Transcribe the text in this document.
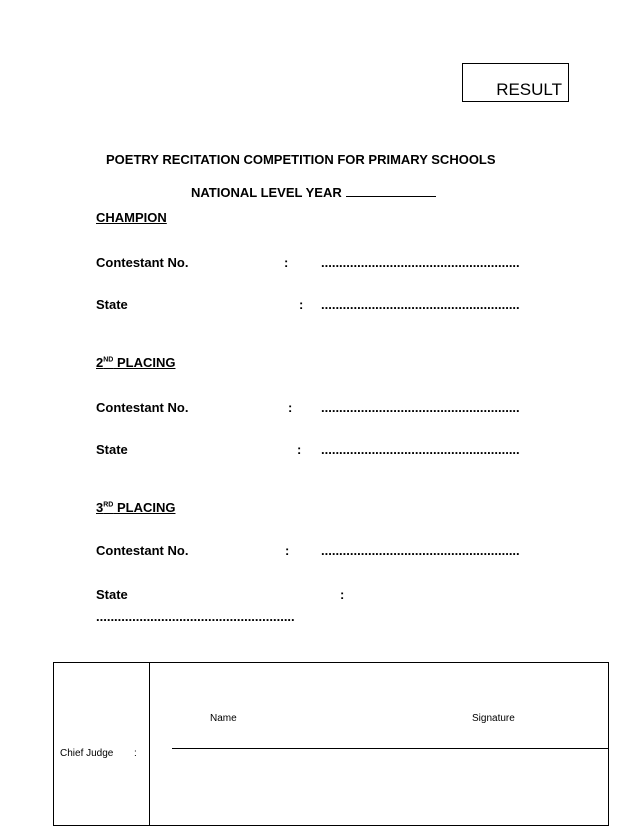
RESULT
POETRY RECITATION COMPETITION FOR PRIMARY SCHOOLS
NATIONAL LEVEL YEAR
CHAMPION
Contestant No.	:	.......................................................
State	: .......................................................
2ND PLACING
Contestant No.	: .......................................................
State	: .......................................................
3RD PLACING
Contestant No.	: .......................................................
State	:
.......................................................
Name	Signature
Chief Judge :
